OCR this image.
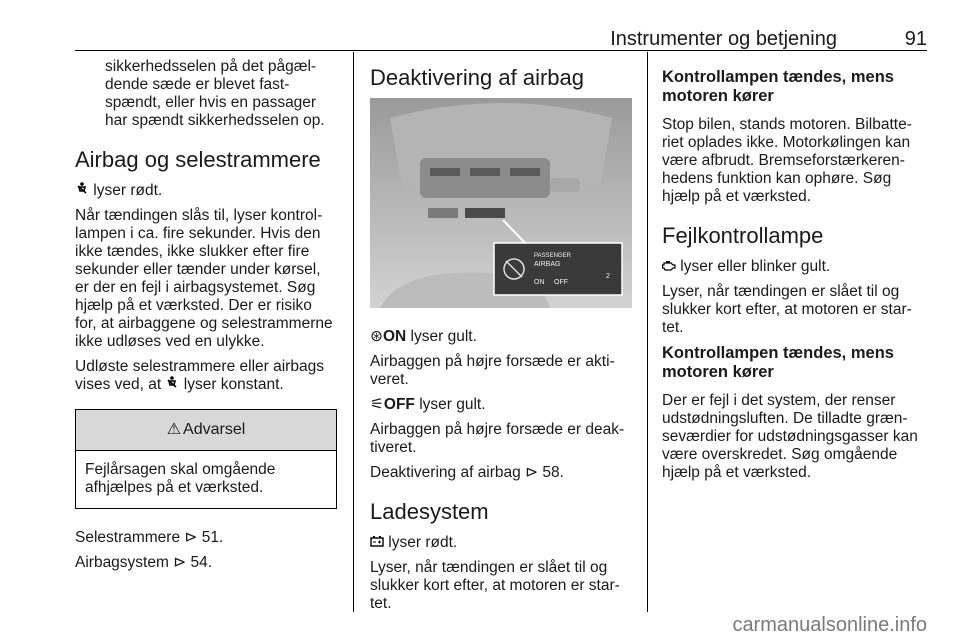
Instrumenter og betjening	91

sikkerhedsselen på det pågæl-dende sæde er blevet fast-spændt, eller hvis en passager har spændt sikkerhedsselen op.

Airbag og selestrammere

lyser rødt.

Når tændingen slås til, lyser kontrol-lampen i ca. fire sekunder. Hvis den ikke tændes, ikke slukker efter fire sekunder eller tænder under kørsel, er der en fejl i airbagsystemet. Søg hjælp på et værksted. Der er risiko for, at airbaggene og selestrammerne ikke udløses ved en ulykke.

Udløste selestrammere eller airbags vises ved, at  lyser konstant.

⚠ Advarsel
Fejlårsagen skal omgående afhjælpes på et værksted.

Selestrammere ⊳ 51.

Airbagsystem ⊳ 54.

Deaktivering af airbag
PASSENGER
AIRBAG
ON OFF
2

⊛ON lyser gult.

Airbaggen på højre forsæde er akti-veret.

⚟OFF lyser gult.

Airbaggen på højre forsæde er deak-tiveret.

Deaktivering af airbag ⊳ 58.

Ladesystem

lyser rødt.

Lyser, når tændingen er slået til og slukker kort efter, at motoren er star-tet.

Kontrollampen tændes, mens motoren kører

Stop bilen, stands motoren. Bilbatte-riet oplades ikke. Motorkølingen kan være afbrudt. Bremseforstærkeren-hedens funktion kan ophøre. Søg hjælp på et værksted.

Fejlkontrollampe

lyser eller blinker gult.

Lyser, når tændingen er slået til og slukker kort efter, at motoren er star-tet.

Kontrollampen tændes, mens motoren kører

Der er fejl i det system, der renser udstødningsluften. De tilladte græn-seværdier for udstødningsgasser kan være overskredet. Søg omgående hjælp på et værksted.

carmanualsonline.info
